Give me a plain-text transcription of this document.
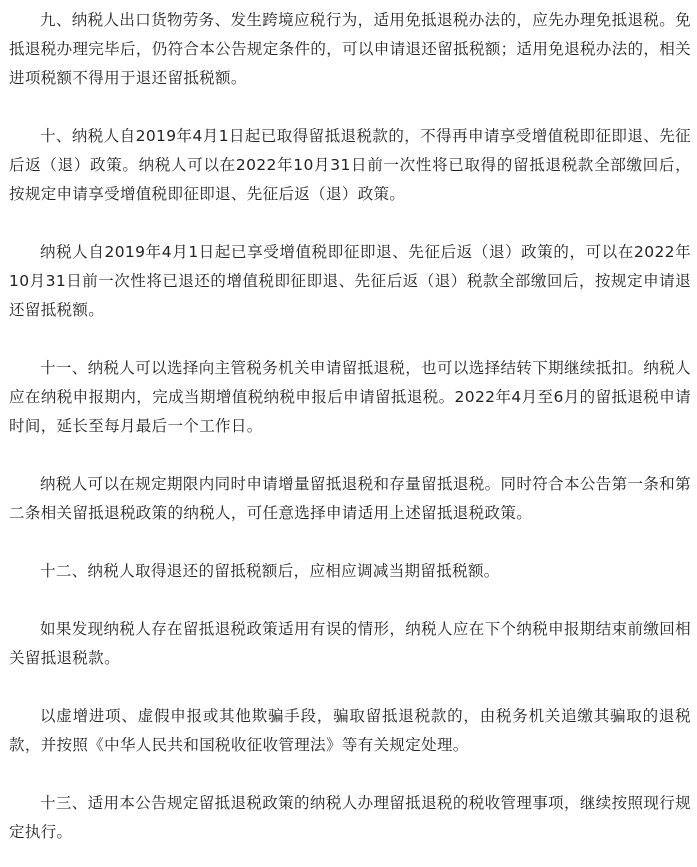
九、纳税人出口货物劳务、发生跨境应税行为，适用免抵退税办法的，应先办理免抵退税。免抵退税办理完毕后，仍符合本公告规定条件的，可以申请退还留抵税额；适用免退税办法的，相关进项税额不得用于退还留抵税额。

十、纳税人自2019年4月1日起已取得留抵退税款的，不得再申请享受增值税即征即退、先征后返（退）政策。纳税人可以在2022年10月31日前一次性将已取得的留抵退税款全部缴回后，按规定申请享受增值税即征即退、先征后返（退）政策。

纳税人自2019年4月1日起已享受增值税即征即退、先征后返（退）政策的，可以在2022年10月31日前一次性将已退还的增值税即征即退、先征后返（退）税款全部缴回后，按规定申请退还留抵税额。

十一、纳税人可以选择向主管税务机关申请留抵退税，也可以选择结转下期继续抵扣。纳税人应在纳税申报期内，完成当期增值税纳税申报后申请留抵退税。2022年4月至6月的留抵退税申请时间，延长至每月最后一个工作日。

纳税人可以在规定期限内同时申请增量留抵退税和存量留抵退税。同时符合本公告第一条和第二条相关留抵退税政策的纳税人，可任意选择申请适用上述留抵退税政策。

十二、纳税人取得退还的留抵税额后，应相应调减当期留抵税额。

如果发现纳税人存在留抵退税政策适用有误的情形，纳税人应在下个纳税申报期结束前缴回相关留抵退税款。

以虚增进项、虚假申报或其他欺骗手段，骗取留抵退税款的，由税务机关追缴其骗取的退税款，并按照《中华人民共和国税收征收管理法》等有关规定处理。

十三、适用本公告规定留抵退税政策的纳税人办理留抵退税的税收管理事项，继续按照现行规定执行。
